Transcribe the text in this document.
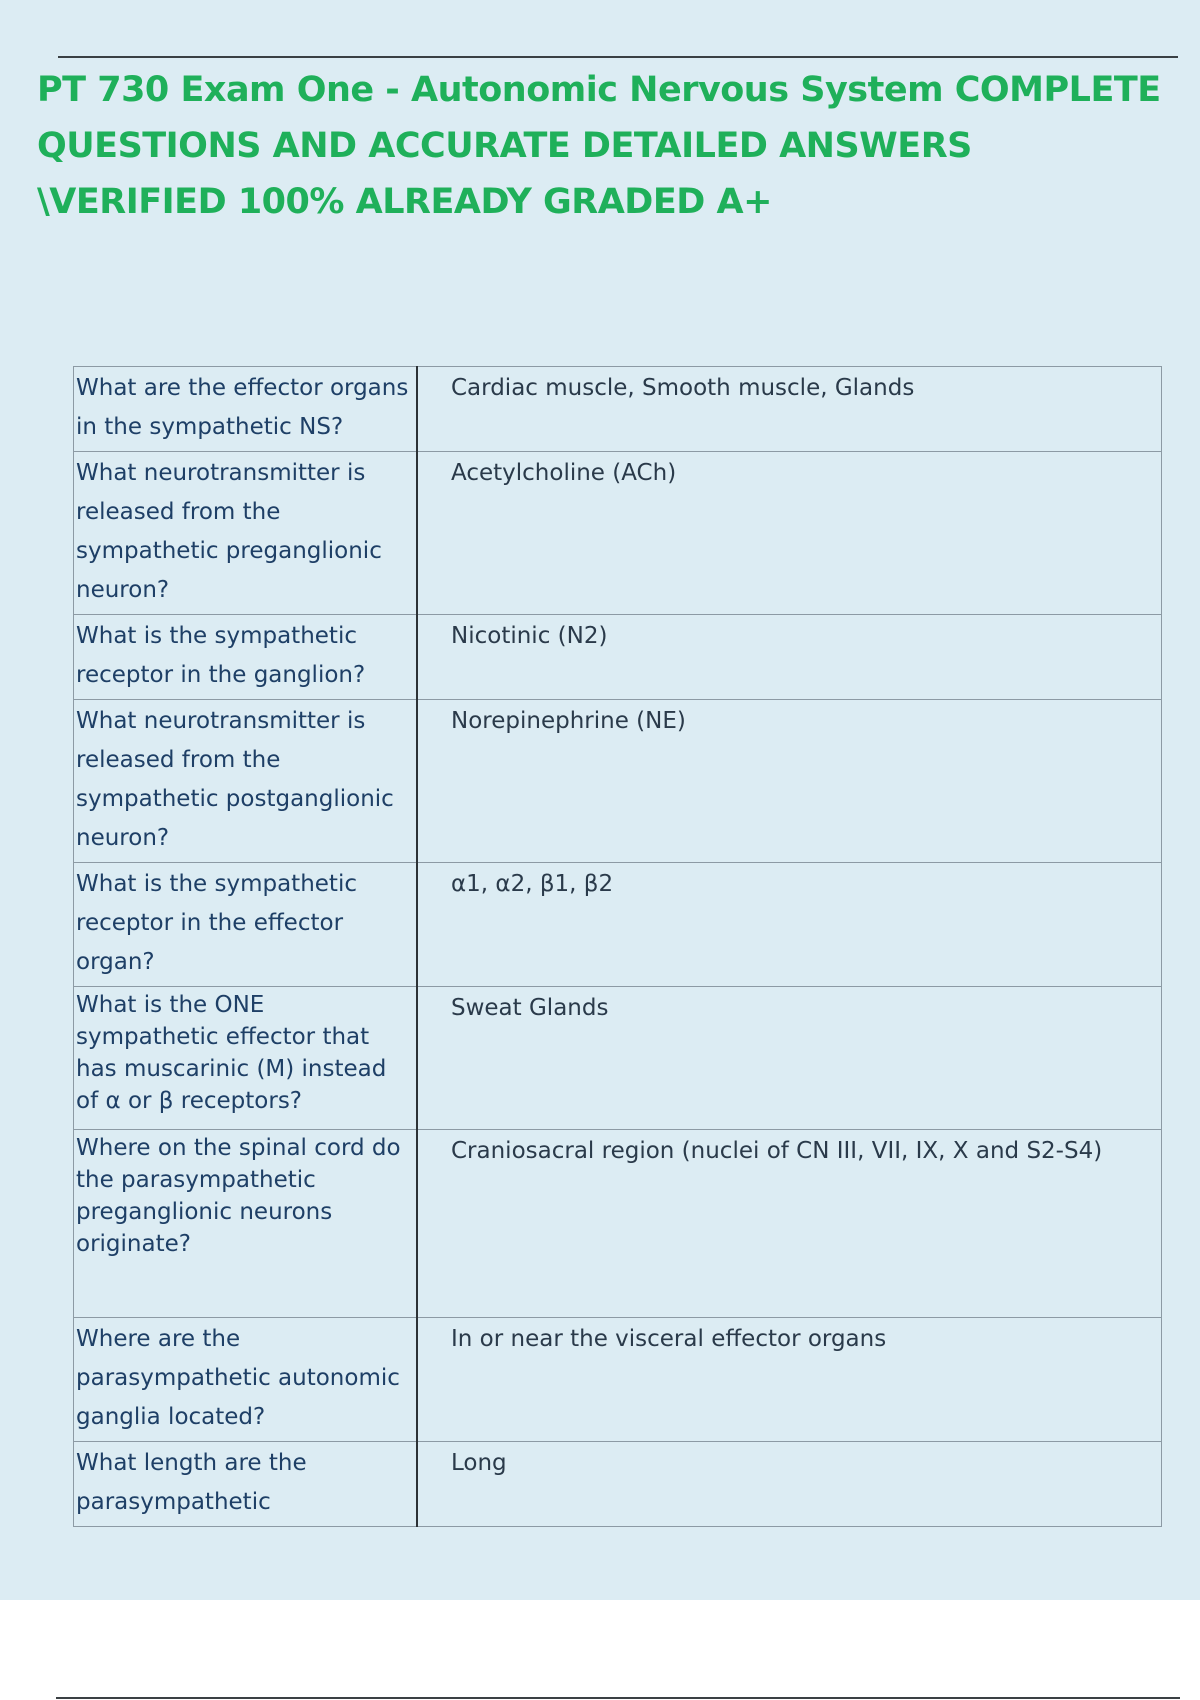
PT 730 Exam One - Autonomic Nervous System COMPLETE QUESTIONS AND ACCURATE DETAILED ANSWERS \VERIFIED 100% ALREADY GRADED A+
What are the effector organs in the sympathetic NS?	Cardiac muscle, Smooth muscle, Glands
What neurotransmitter is released from the sympathetic preganglionic neuron?	Acetylcholine (ACh)
What is the sympathetic receptor in the ganglion?	Nicotinic (N2)
What neurotransmitter is released from the sympathetic postganglionic neuron?	Norepinephrine (NE)
What is the sympathetic receptor in the effector organ?	α1, α2, β1, β2
What is the ONE sympathetic effector that has muscarinic (M) instead of α or β receptors?	Sweat Glands
Where on the spinal cord do the parasympathetic preganglionic neurons originate?	Craniosacral region (nuclei of CN III, VII, IX, X and S2-S4)
Where are the parasympathetic autonomic ganglia located?	In or near the visceral effector organs
What length are the parasympathetic	Long
